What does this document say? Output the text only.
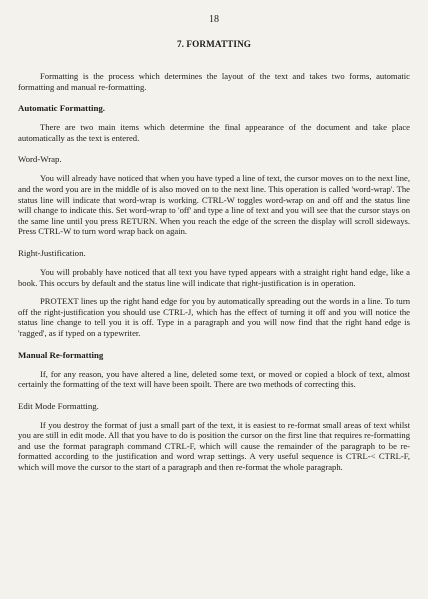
18
7. FORMATTING

Formatting is the process which determines the layout of the text and takes two forms, automatic formatting and manual re-formatting.

Automatic Formatting.

There are two main items which determine the final appearance of the document and take place automatically as the text is entered.

Word-Wrap.

You will already have noticed that when you have typed a line of text, the cursor moves on to the next line, and the word you are in the middle of is also moved on to the next line. This operation is called 'word-wrap'. The status line will indicate that word-wrap is working. CTRL-W toggles word-wrap on and off and the status line will change to indicate this. Set word-wrap to 'off' and type a line of text and you will see that the cursor stays on the same line until you press RETURN. When you reach the edge of the screen the display will scroll sideways. Press CTRL-W to turn word wrap back on again.

Right-Justification.

You will probably have noticed that all text you have typed appears with a straight right hand edge, like a book. This occurs by default and the status line will indicate that right-justification is in operation.

PROTEXT lines up the right hand edge for you by automatically spreading out the words in a line. To turn off the right-justification you should use CTRL-J, which has the effect of turning it off and you will notice the status line change to tell you it is off. Type in a paragraph and you will now find that the right hand edge is 'ragged', as if typed on a typewriter.

Manual Re-formatting

If, for any reason, you have altered a line, deleted some text, or moved or copied a block of text, almost certainly the formatting of the text will have been spoilt. There are two methods of correcting this.

Edit Mode Formatting.

If you destroy the format of just a small part of the text, it is easiest to re-format small areas of text whilst you are still in edit mode. All that you have to do is position the cursor on the first line that requires re-formatting and use the format paragraph command CTRL-F, which will cause the remainder of the paragraph to be re-formatted according to the justification and word wrap settings. A very useful sequence is CTRL-< CTRL-F, which will move the cursor to the start of a paragraph and then re-format the whole paragraph.
